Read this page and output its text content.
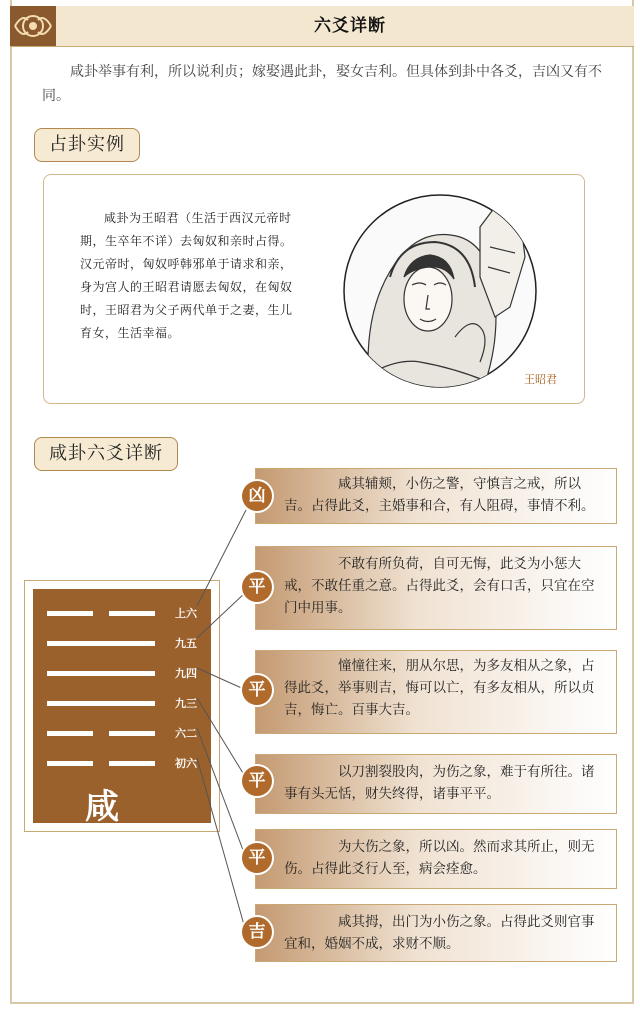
六爻详断
咸卦举事有利，所以说利贞；嫁娶遇此卦，娶女吉利。但具体到卦中各爻，吉凶又有不同。
占卦实例
咸卦为王昭君（生活于西汉元帝时期，生卒年不详）去匈奴和亲时占得。汉元帝时，匈奴呼韩邪单于请求和亲，身为宫人的王昭君请愿去匈奴，在匈奴时，王昭君为父子两代单于之妻，生儿育女，生活幸福。
王昭君
咸卦六爻详断
上六
九五
九四
九三
六二
初六
咸
咸其辅颊，小伤之警，守慎言之戒，所以吉。占得此爻，主婚事和合，有人阻碍，事情不利。
凶
不敢有所负荷，自可无悔，此爻为小惩大戒，不敢任重之意。占得此爻，会有口舌，只宜在空门中用事。
平
憧憧往来，朋从尔思，为多友相从之象，占得此爻，举事则吉，悔可以亡，有多友相从，所以贞吉，悔亡。百事大吉。
平
以刀割裂股肉，为伤之象，难于有所往。诸事有头无恬，财失终得，诸事平平。
平
为大伤之象，所以凶。然而求其所止，则无伤。占得此爻行人至，病会痊愈。
平
咸其拇，出门为小伤之象。占得此爻则官事宜和，婚姻不成，求财不顺。
吉
